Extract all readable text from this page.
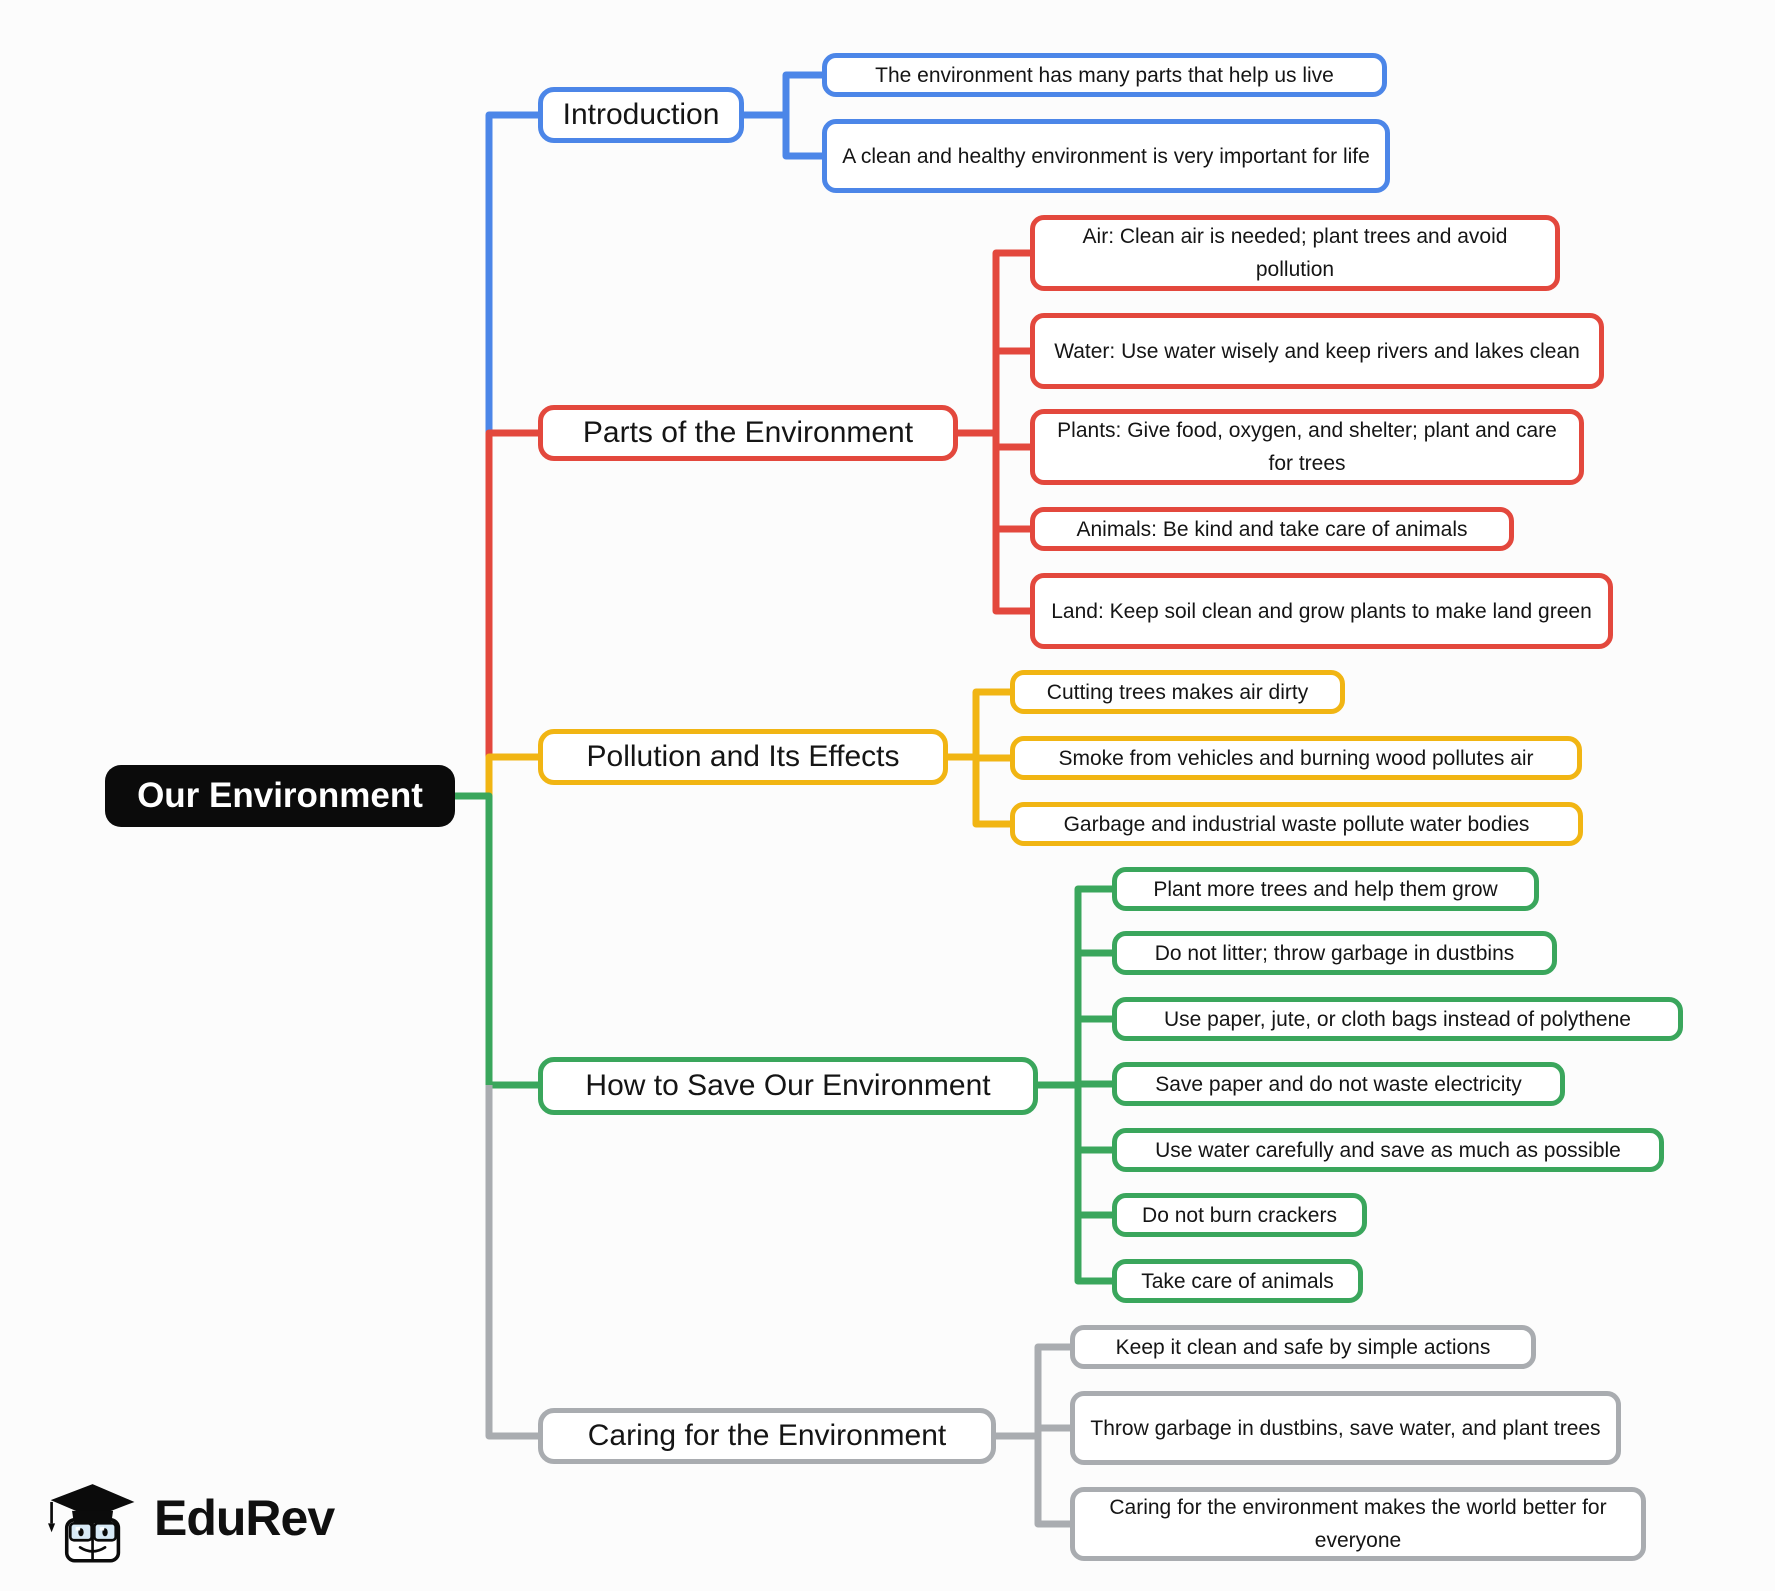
Our Environment
Introduction
The environment has many parts that help us live
A clean and healthy environment is very important for life
Parts of the Environment
Air: Clean air is needed; plant trees and avoid pollution
Water: Use water wisely and keep rivers and lakes clean
Plants: Give food, oxygen, and shelter; plant and care for trees
Animals: Be kind and take care of animals
Land: Keep soil clean and grow plants to make land green
Pollution and Its Effects
Cutting trees makes air dirty
Smoke from vehicles and burning wood pollutes air
Garbage and industrial waste pollute water bodies
How to Save Our Environment
Plant more trees and help them grow
Do not litter; throw garbage in dustbins
Use paper, jute, or cloth bags instead of polythene
Save paper and do not waste electricity
Use water carefully and save as much as possible
Do not burn crackers
Take care of animals
Caring for the Environment
Keep it clean and safe by simple actions
Throw garbage in dustbins, save water, and plant trees
Caring for the environment makes the world better for everyone
EduRev
